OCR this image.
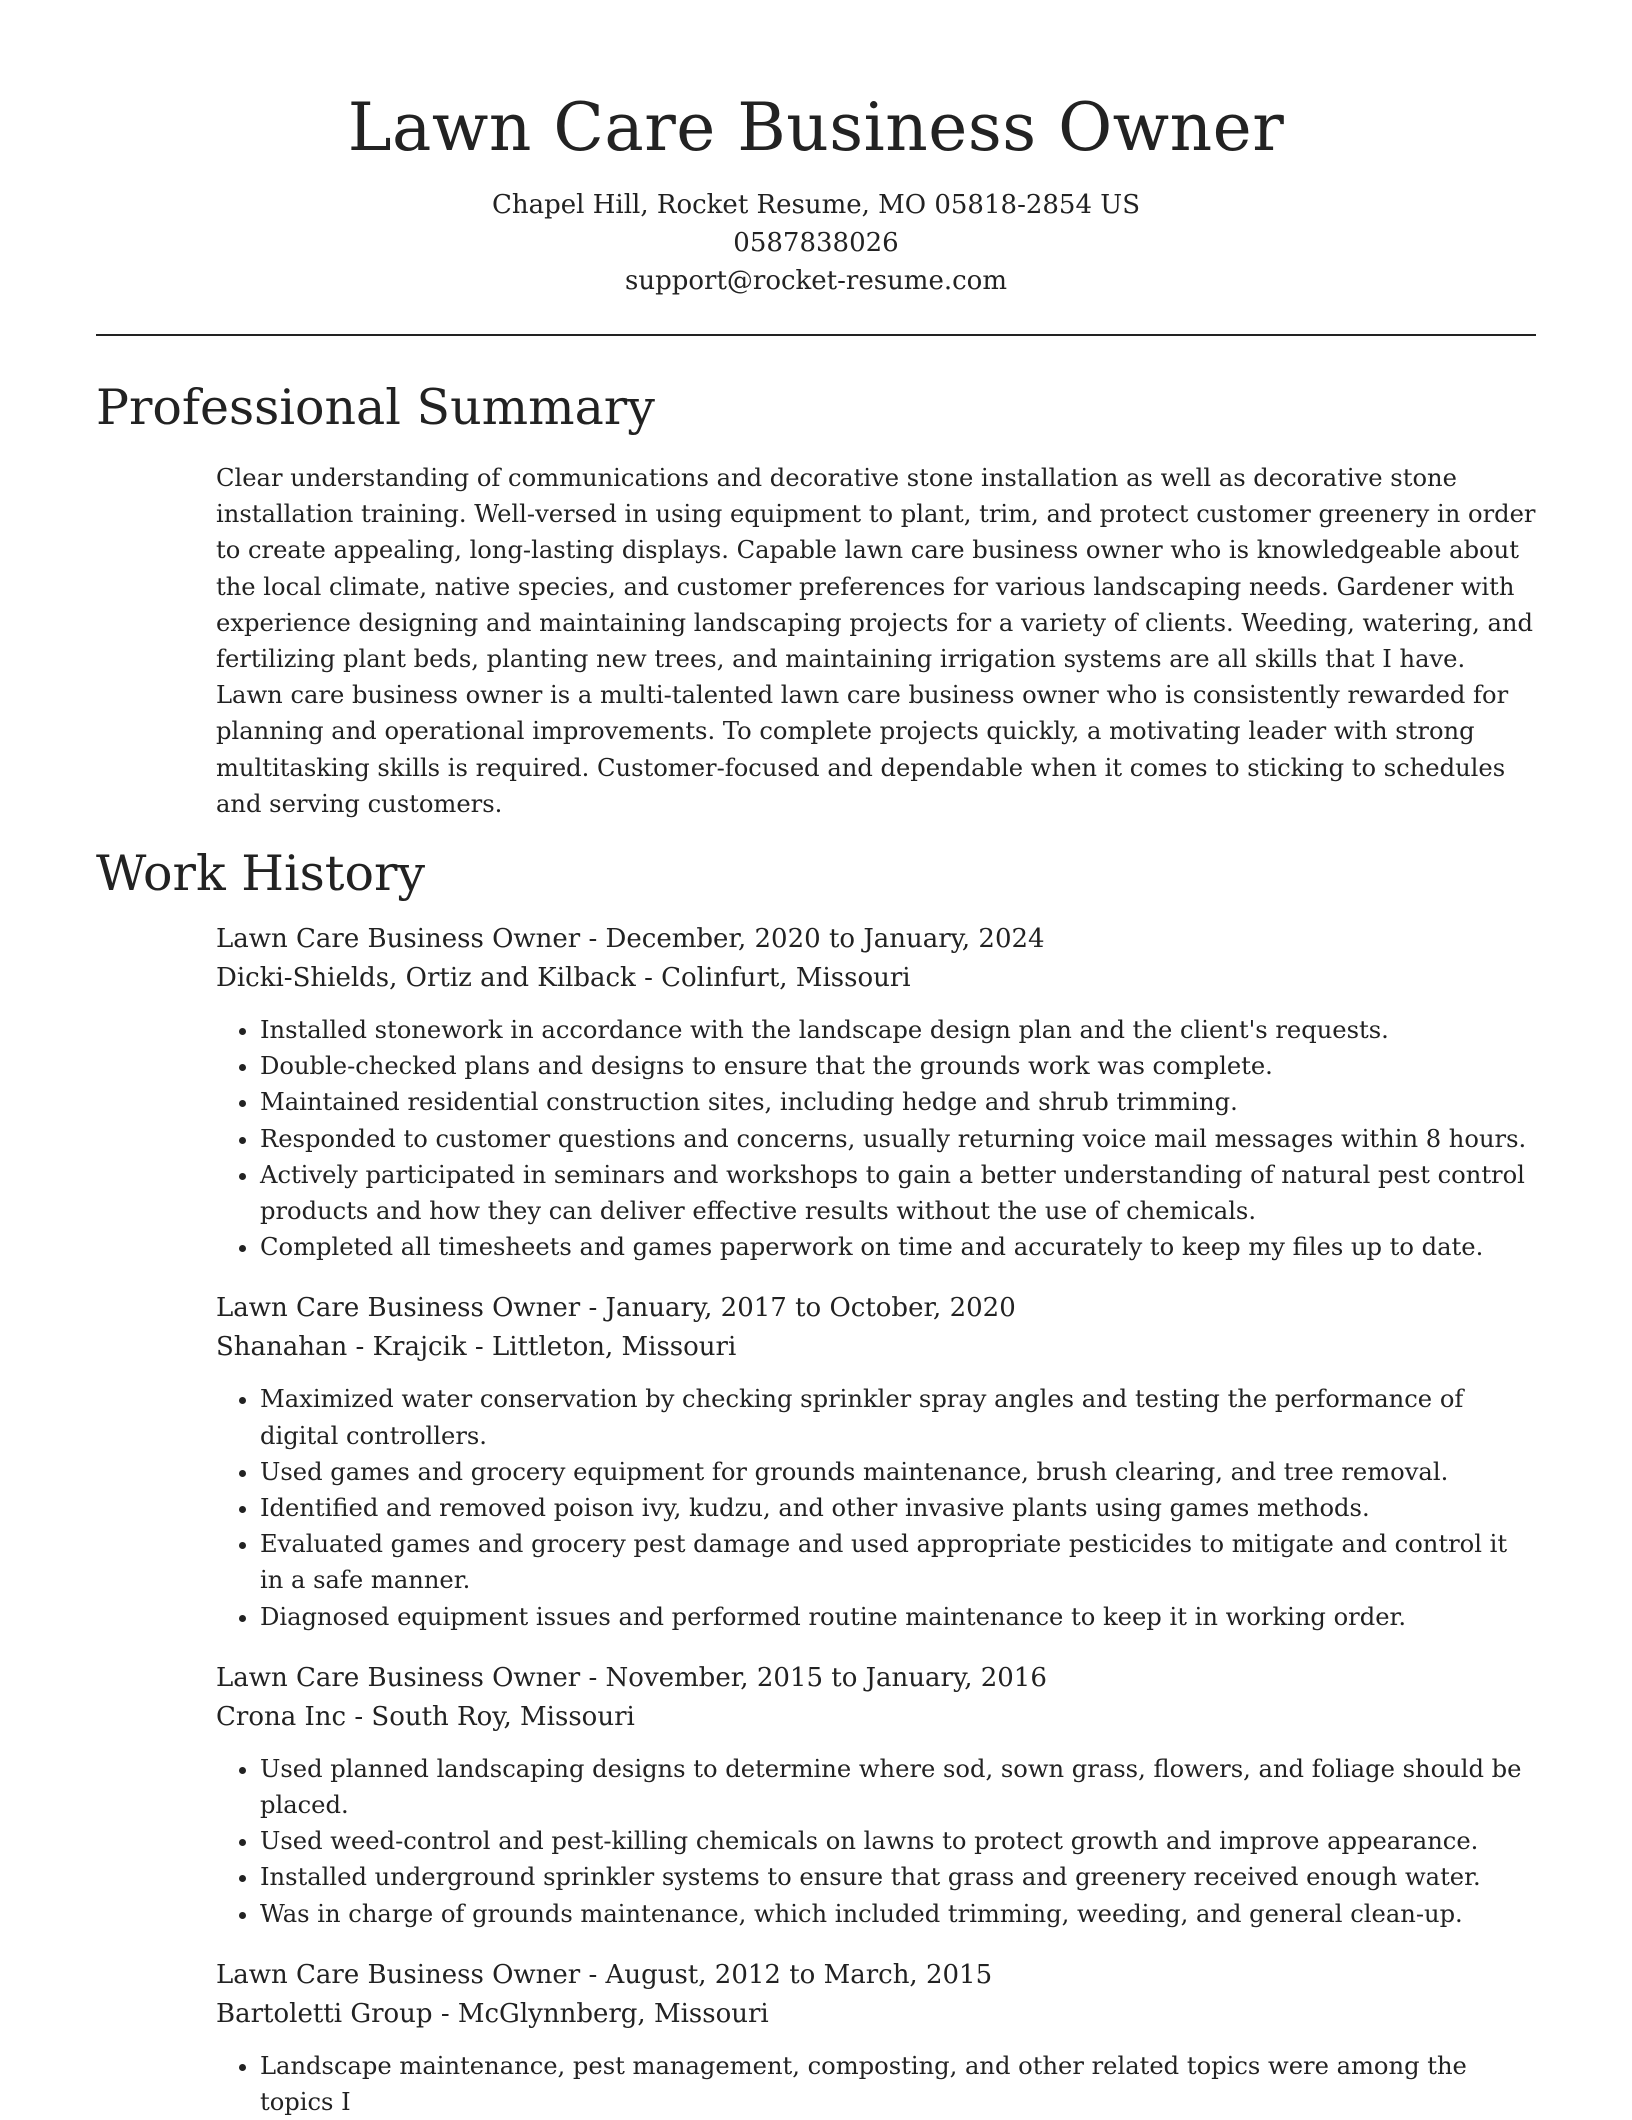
Lawn Care Business Owner

Chapel Hill, Rocket Resume, MO 05818-2854 US

0587838026

support@rocket-resume.com

Professional Summary

Clear understanding of communications and decorative stone installation as well as decorative stone installation training. Well-versed in using equipment to plant, trim, and protect customer greenery in order to create appealing, long-lasting displays. Capable lawn care business owner who is knowledgeable about the local climate, native species, and customer preferences for various landscaping needs. Gardener with experience designing and maintaining landscaping projects for a variety of clients. Weeding, watering, and fertilizing plant beds, planting new trees, and maintaining irrigation systems are all skills that I have. Lawn care business owner is a multi-talented lawn care business owner who is consistently rewarded for planning and operational improvements. To complete projects quickly, a motivating leader with strong multitasking skills is required. Customer-focused and dependable when it comes to sticking to schedules and serving customers.

Work History

Lawn Care Business Owner - December, 2020 to January, 2024

Dicki-Shields, Ortiz and Kilback - Colinfurt, Missouri

• Installed stonework in accordance with the landscape design plan and the client's requests.
• Double-checked plans and designs to ensure that the grounds work was complete.
• Maintained residential construction sites, including hedge and shrub trimming.
• Responded to customer questions and concerns, usually returning voice mail messages within 8 hours.
• Actively participated in seminars and workshops to gain a better understanding of natural pest control products and how they can deliver effective results without the use of chemicals.
• Completed all timesheets and games paperwork on time and accurately to keep my files up to date.

Lawn Care Business Owner - January, 2017 to October, 2020

Shanahan - Krajcik - Littleton, Missouri

• Maximized water conservation by checking sprinkler spray angles and testing the performance of digital controllers.
• Used games and grocery equipment for grounds maintenance, brush clearing, and tree removal.
• Identified and removed poison ivy, kudzu, and other invasive plants using games methods.
• Evaluated games and grocery pest damage and used appropriate pesticides to mitigate and control it in a safe manner.
• Diagnosed equipment issues and performed routine maintenance to keep it in working order.

Lawn Care Business Owner - November, 2015 to January, 2016

Crona Inc - South Roy, Missouri

• Used planned landscaping designs to determine where sod, sown grass, flowers, and foliage should be placed.
• Used weed-control and pest-killing chemicals on lawns to protect growth and improve appearance.
• Installed underground sprinkler systems to ensure that grass and greenery received enough water.
• Was in charge of grounds maintenance, which included trimming, weeding, and general clean-up.

Lawn Care Business Owner - August, 2012 to March, 2015

Bartoletti Group - McGlynnberg, Missouri

• Landscape maintenance, pest management, composting, and other related topics were among the topics I
